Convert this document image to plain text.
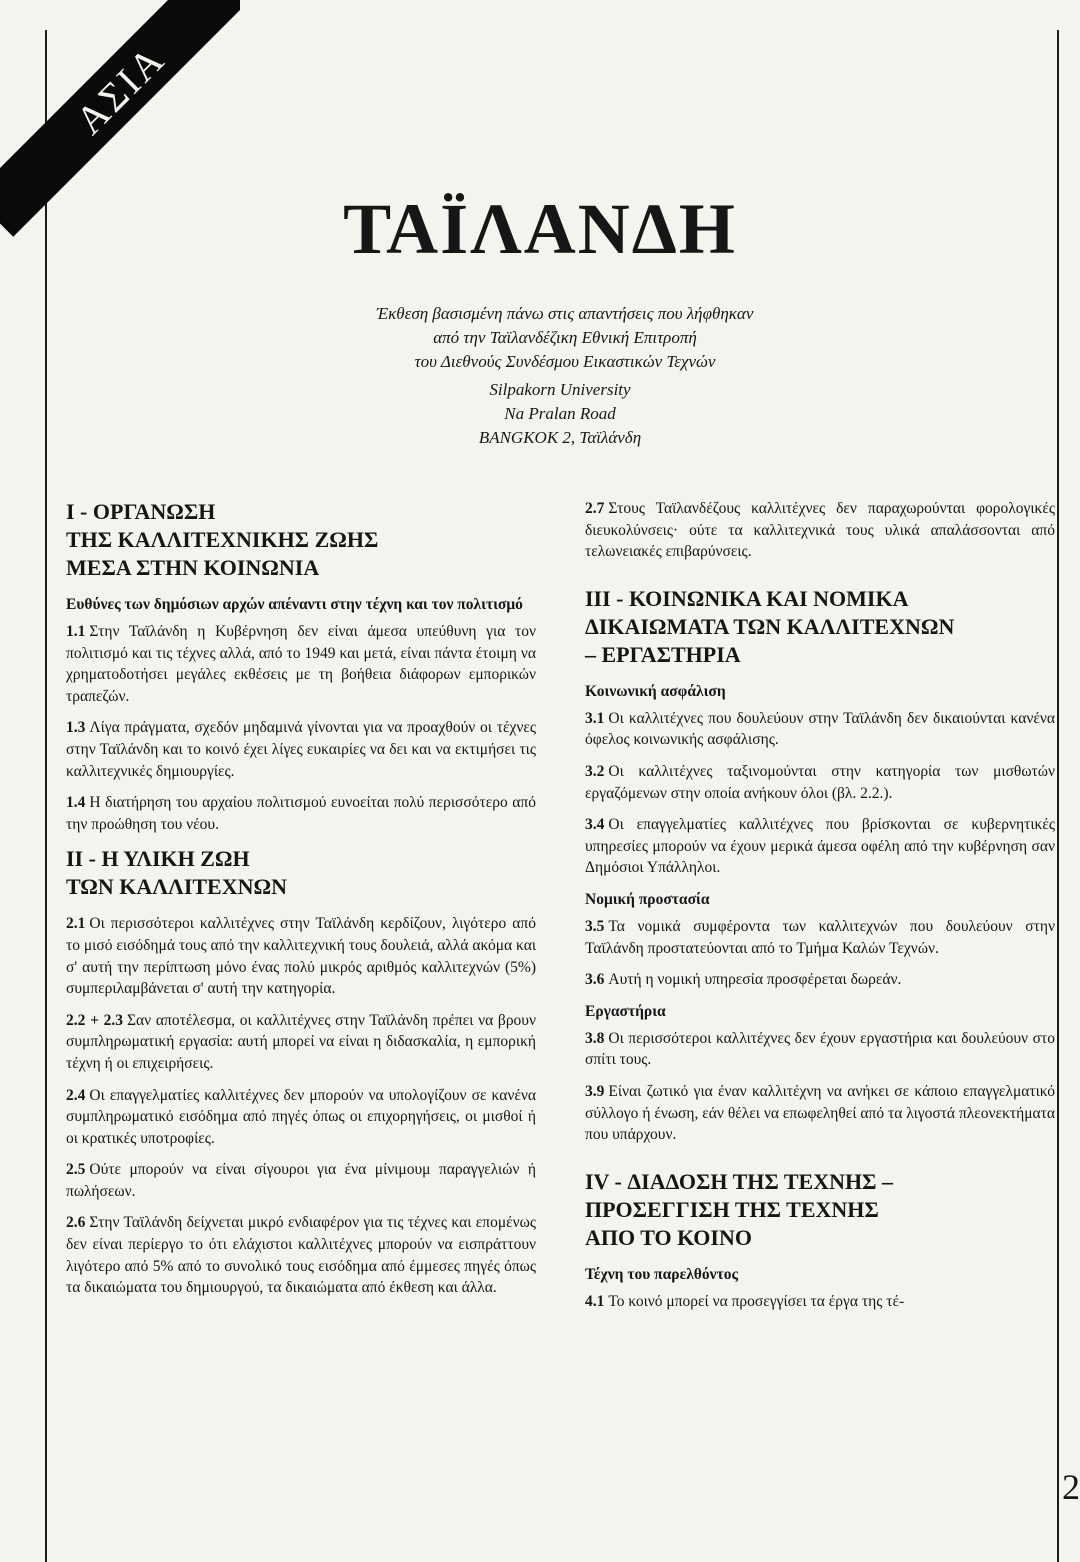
ΑΣΙΑ
2
ΤΑΪΛΑΝΔΗ
Έκθεση βασισμένη πάνω στις απαντήσεις που λήφθηκαν
από την Ταϊλανδέζικη Εθνική Επιτροπή
του Διεθνούς Συνδέσμου Εικαστικών Τεχνών
Silpakorn University
Na Pralan Road
BANGKOK 2, Ταϊλάνδη
Ι - ΟΡΓΑΝΩΣΗ
ΤΗΣ ΚΑΛΛΙΤΕΧΝΙΚΗΣ ΖΩΗΣ
ΜΕΣΑ ΣΤΗΝ ΚΟΙΝΩΝΙΑ
Ευθύνες των δημόσιων αρχών απέναντι στην τέχνη και τον πολιτισμό

1.1 Στην Ταϊλάνδη η Κυβέρνηση δεν είναι άμεσα υπεύθυνη για τον πολιτισμό και τις τέχνες αλλά, από το 1949 και μετά, είναι πάντα έτοιμη να χρηματοδοτήσει μεγάλες εκθέσεις με τη βοήθεια διάφορων εμπορικών τραπεζών.

1.3 Λίγα πράγματα, σχεδόν μηδαμινά γίνονται για να προαχθούν οι τέχνες στην Ταϊλάνδη και το κοινό έχει λίγες ευκαιρίες να δει και να εκτιμήσει τις καλλιτεχνικές δημιουργίες.

1.4 Η διατήρηση του αρχαίου πολιτισμού ευνοείται πολύ περισσότερο από την προώθηση του νέου.

ΙΙ - Η ΥΛΙΚΗ ΖΩΗ
ΤΩΝ ΚΑΛΛΙΤΕΧΝΩΝ

2.1 Οι περισσότεροι καλλιτέχνες στην Ταϊλάνδη κερδίζουν, λιγότερο από το μισό εισόδημά τους από την καλλιτεχνική τους δουλειά, αλλά ακόμα και σ' αυτή την περίπτωση μόνο ένας πολύ μικρός αριθμός καλλιτεχνών (5%) συμπεριλαμβάνεται σ' αυτή την κατηγορία.

2.2 + 2.3 Σαν αποτέλεσμα, οι καλλιτέχνες στην Ταϊλάνδη πρέπει να βρουν συμπληρωματική εργασία: αυτή μπορεί να είναι η διδασκαλία, η εμπορική τέχνη ή οι επιχειρήσεις.

2.4 Οι επαγγελματίες καλλιτέχνες δεν μπορούν να υπολογίζουν σε κανένα συμπληρωματικό εισόδημα από πηγές όπως οι επιχορηγήσεις, οι μισθοί ή οι κρατικές υποτροφίες.

2.5 Ούτε μπορούν να είναι σίγουροι για ένα μίνιμουμ παραγγελιών ή πωλήσεων.

2.6 Στην Ταϊλάνδη δείχνεται μικρό ενδιαφέρον για τις τέχνες και επομένως δεν είναι περίεργο το ότι ελάχιστοι καλλιτέχνες μπορούν να εισπράττουν λιγότερο από 5% από το συνολικό τους εισόδημα από έμμεσες πηγές όπως τα δικαιώματα του δημιουργού, τα δικαιώματα από έκθεση και άλλα.

2.7 Στους Ταϊλανδέζους καλλιτέχνες δεν παραχωρούνται φορολογικές διευκολύνσεις· ούτε τα καλλιτεχνικά τους υλικά απαλάσσονται από τελωνειακές επιβαρύνσεις.

ΙΙΙ - ΚΟΙΝΩΝΙΚΑ ΚΑΙ ΝΟΜΙΚΑ
ΔΙΚΑΙΩΜΑΤΑ ΤΩΝ ΚΑΛΛΙΤΕΧΝΩΝ
– ΕΡΓΑΣΤΗΡΙΑ
Κοινωνική ασφάλιση

3.1 Οι καλλιτέχνες που δουλεύουν στην Ταϊλάνδη δεν δικαιούνται κανένα όφελος κοινωνικής ασφάλισης.

3.2 Οι καλλιτέχνες ταξινομούνται στην κατηγορία των μισθωτών εργαζόμενων στην οποία ανήκουν όλοι (βλ. 2.2.).

3.4 Οι επαγγελματίες καλλιτέχνες που βρίσκονται σε κυβερνητικές υπηρεσίες μπορούν να έχουν μερικά άμεσα οφέλη από την κυβέρνηση σαν Δημόσιοι Υπάλληλοι.

Νομική προστασία

3.5 Τα νομικά συμφέροντα των καλλιτεχνών που δουλεύουν στην Ταϊλάνδη προστατεύονται από το Τμήμα Καλών Τεχνών.

3.6 Αυτή η νομική υπηρεσία προσφέρεται δωρεάν.

Εργαστήρια

3.8 Οι περισσότεροι καλλιτέχνες δεν έχουν εργαστήρια και δουλεύουν στο σπίτι τους.

3.9 Είναι ζωτικό για έναν καλλιτέχνη να ανήκει σε κάποιο επαγγελματικό σύλλογο ή ένωση, εάν θέλει να επωφεληθεί από τα λιγοστά πλεονεκτήματα που υπάρχουν.

ΙV - ΔΙΑΔΟΣΗ ΤΗΣ ΤΕΧΝΗΣ –
ΠΡΟΣΕΓΓΙΣΗ ΤΗΣ ΤΕΧΝΗΣ
ΑΠΟ ΤΟ ΚΟΙΝΟ
Τέχνη του παρελθόντος

4.1 Το κοινό μπορεί να προσεγγίσει τα έργα της τέ-
